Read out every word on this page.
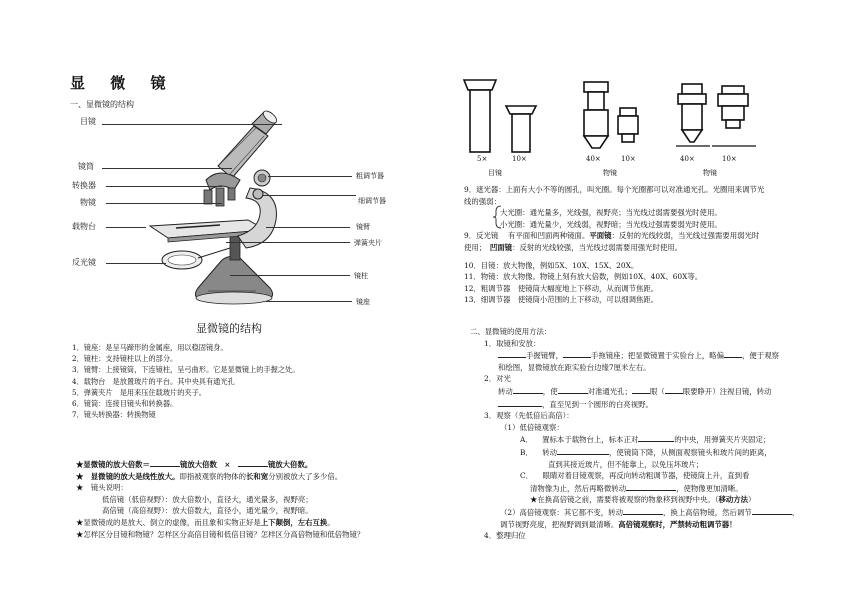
显 微 镜
一、显微镜的结构
目镜
镜筒
转换器
物镜
载物台
反光镜
粗调节器
细调节器
镜臂
弹簧夹片
镜柱
镜座
显微镜的结构
1．镜座：是呈马蹄形的金属座，用以稳固镜身。
2．镜柱：支持镜柱以上的部分。
3．镜臂：上接镜筒，下连镜柱，呈弓曲形。它是显微镜上的手握之处。
4．载物台　是放置玻片的平台。其中央具有通光孔
5．弹簧夹片　是用来压住载玻片的夹子。
6．镜筒：连接目镜头和转换器。
7．镜头转换器：转换物镜
★显微镜的放大倍数＝	镜放大倍数　×　	镜放大倍数。
★　显微镜的放大是线性放大。即指被观察的物体的长和宽分别被放大了多少倍。
★　镜头说明：
低倍镜（低倍视野）：放大倍数小，直径大，通光量多，视野亮；
高倍镜（高倍视野）：放大倍数大，直径小，通光量少，视野暗。
★显微镜成的是放大、倒立的虚像，而且象和实物正好是上下颠倒，左右互换。
★怎样区分目镜和物镜？怎样区分高倍目镜和低倍目镜？怎样区分高倍物镜和低倍物镜？
5×	10×
目镜
40×	10×
物镜
40×	10×
物镜
9．遮光器：上面有大小不等的圆孔，叫光圈。每个光圈都可以对准通光孔。光圈用来调节光
线的强弱：
大光圈：通光量多，光线强，视野亮；当光线过弱需要强光时使用。
小光圈：通光量少，光线弱，视野暗；当光线过强需要弱光时使用。
9．反光镜　 有平面和凹面两种镜面。平面镜：反射的光线较弱，当光线过强需要用弱光时
使用；　凹面镜：反射的光线较强，当光线过弱需要用强光时使用。
10．目镜：放大物像，例如5X、10X、15X、20X。
11．物镜：放大物像。物镜上刻有放大倍数，例如10X、40X、60X等。
12．粗调节器　使镜筒大幅度地上下移动，从而调节焦距。
13．细调节器　使镜筒小范围的上下移动，可以细调焦距。
二、显微镜的使用方法：
1．取镜和安放：
手握镜臂，	手拖镜座；把显微镜置于实验台上，略偏 ，便于观察
和绘图，显微镜放在距实验台边缘7厘米左右。
2．对光
转动	，使	对准通光孔； 眼（ 眼要睁开）注视目镜，转动
，直至见到一个圆形的白亮视野。
3．观察（先低倍后高倍）：
（1）低倍镜观察：
A． 置标本于载物台上，标本正对	的中央，用弹簧夹片夹固定；
B． 转动	，使镜筒下降，从侧面观察镜头和玻片间的距离，
直到其接近玻片，但不能靠上，以免压坏玻片；
C． 眼睛对着目镜观察，再反向转动粗调节器，使镜筒上升，直到看
清物像为止，然后再略微转动	，使物像更加清晰。
★在换高倍镜之前，需要将被观察的物象移到视野中央。（移动方法）
（2）高倍镜观察：其它都不变，转动	，换上高倍物镜，然后调节	、
调节视野亮度，把视野调到最清晰。高倍镜观察时，严禁转动粗调节器！
4．整理归位
